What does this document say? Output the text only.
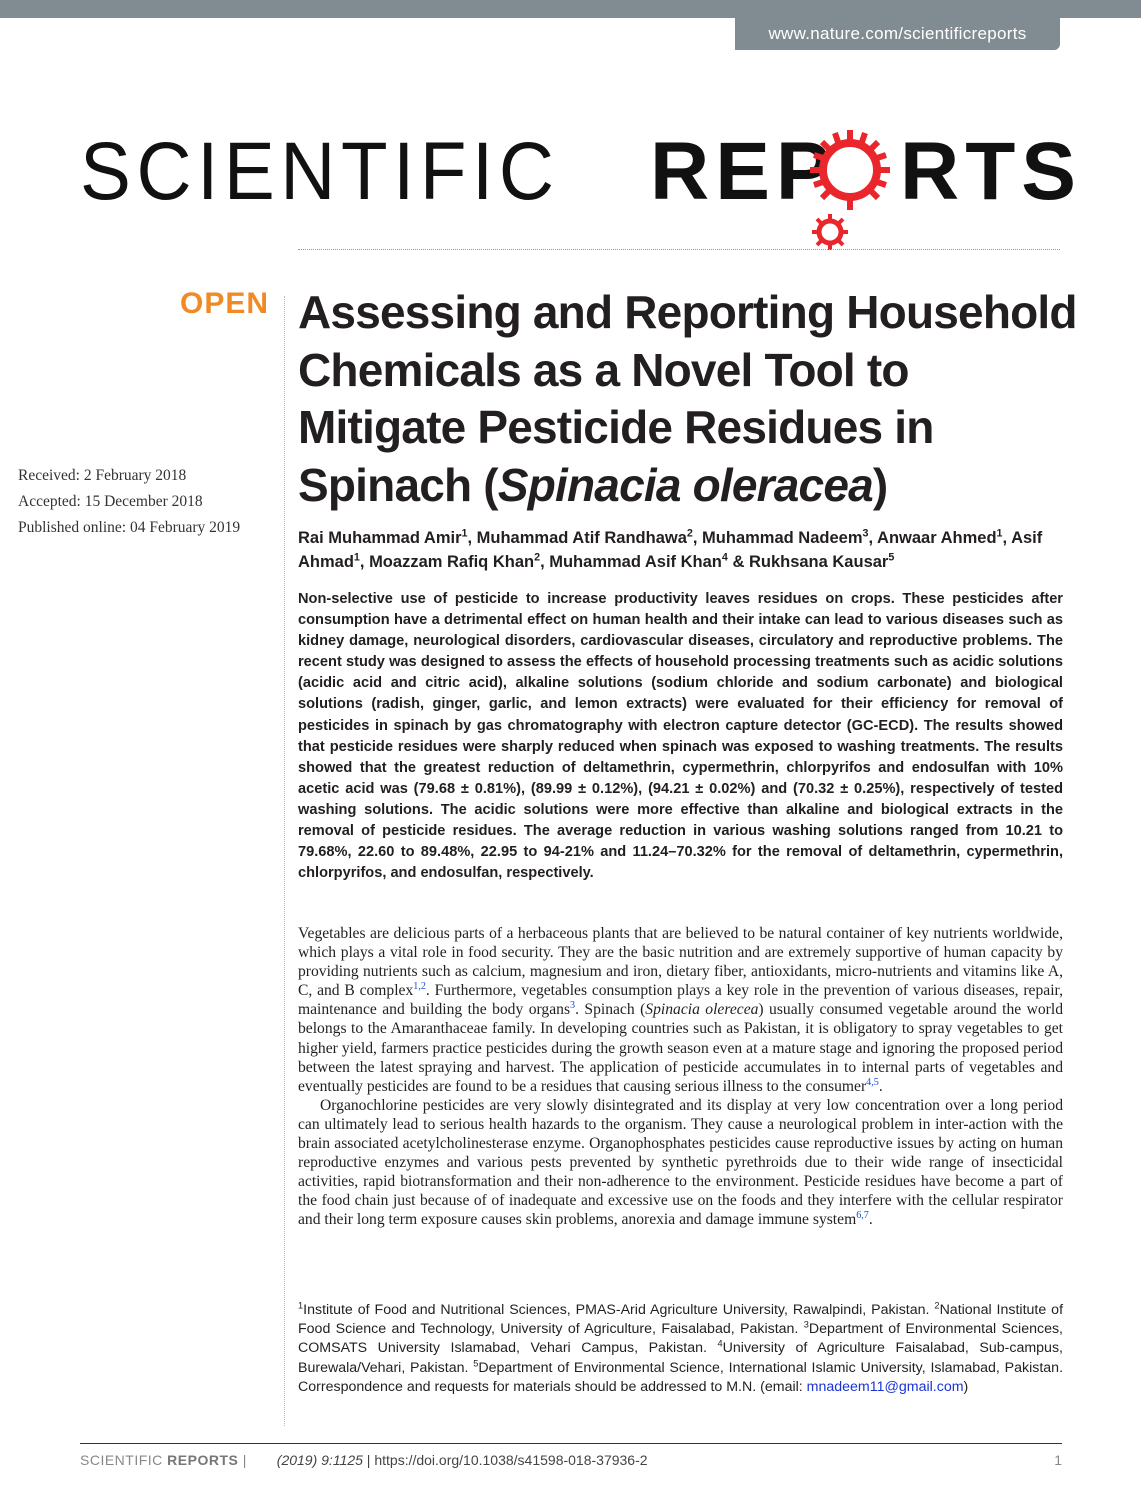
www.nature.com/scientificreports
SCIENTIFIC REP RTS
OPEN
Received: 2 February 2018
Accepted: 15 December 2018
Published online: 04 February 2019
Assessing and Reporting Household Chemicals as a Novel Tool to Mitigate Pesticide Residues in Spinach (Spinacia oleracea)
Rai Muhammad Amir$^1$, Muhammad Atif Randhawa$^2$, Muhammad Nadeem$^3$, Anwaar Ahmed$^1$, Asif Ahmad$^1$, Moazzam Rafiq Khan$^2$, Muhammad Asif Khan$^4$ & Rukhsana Kausar$^5$
Non-selective use of pesticide to increase productivity leaves residues on crops. These pesticides after consumption have a detrimental effect on human health and their intake can lead to various diseases such as kidney damage, neurological disorders, cardiovascular diseases, circulatory and reproductive problems. The recent study was designed to assess the effects of household processing treatments such as acidic solutions (acidic acid and citric acid), alkaline solutions (sodium chloride and sodium carbonate) and biological solutions (radish, ginger, garlic, and lemon extracts) were evaluated for their efficiency for removal of pesticides in spinach by gas chromatography with electron capture detector (GC-ECD). The results showed that pesticide residues were sharply reduced when spinach was exposed to washing treatments. The results showed that the greatest reduction of deltamethrin, cypermethrin, chlorpyrifos and endosulfan with 10% acetic acid was (79.68 ± 0.81%), (89.99 ± 0.12%), (94.21 ± 0.02%) and (70.32 ± 0.25%), respectively of tested washing solutions. The acidic solutions were more effective than alkaline and biological extracts in the removal of pesticide residues. The average reduction in various washing solutions ranged from 10.21 to 79.68%, 22.60 to 89.48%, 22.95 to 94-21% and 11.24–70.32% for the removal of deltamethrin, cypermethrin, chlorpyrifos, and endosulfan, respectively.

Vegetables are delicious parts of a herbaceous plants that are believed to be natural container of key nutrients worldwide, which plays a vital role in food security. They are the basic nutrition and are extremely supportive of human capacity by providing nutrients such as calcium, magnesium and iron, dietary fiber, antioxidants, micro-nutrients and vitamins like A, C, and B complex$^{1,2}$. Furthermore, vegetables consumption plays a key role in the prevention of various diseases, repair, maintenance and building the body organs$^3$. Spinach (Spinacia olerecea) usually consumed vegetable around the world belongs to the Amaranthaceae family. In developing countries such as Pakistan, it is obligatory to spray vegetables to get higher yield, farmers practice pesticides during the growth season even at a mature stage and ignoring the proposed period between the latest spraying and harvest. The application of pesticide accumulates in to internal parts of vegetables and eventually pesticides are found to be a residues that causing serious illness to the consumer$^{4,5}$.

Organochlorine pesticides are very slowly disintegrated and its display at very low concentration over a long period can ultimately lead to serious health hazards to the organism. They cause a neurological problem in inter-action with the brain associated acetylcholinesterase enzyme. Organophosphates pesticides cause reproductive issues by acting on human reproductive enzymes and various pests prevented by synthetic pyrethroids due to their wide range of insecticidal activities, rapid biotransformation and their non-adherence to the environment. Pesticide residues have become a part of the food chain just because of of inadequate and excessive use on the foods and they interfere with the cellular respirator and their long term exposure causes skin problems, anorexia and damage immune system$^{6,7}$.

$^1$Institute of Food and Nutritional Sciences, PMAS-Arid Agriculture University, Rawalpindi, Pakistan. $^2$National Institute of Food Science and Technology, University of Agriculture, Faisalabad, Pakistan. $^3$Department of Environmental Sciences, COMSATS University Islamabad, Vehari Campus, Pakistan. $^4$University of Agriculture Faisalabad, Sub-campus, Burewala/Vehari, Pakistan. $^5$Department of Environmental Science, International Islamic University, Islamabad, Pakistan. Correspondence and requests for materials should be addressed to M.N. (email: mnadeem11@gmail.com)
SCIENTIFIC REPORTS | (2019) 9:1125 | https://doi.org/10.1038/s41598-018-37936-2	1
